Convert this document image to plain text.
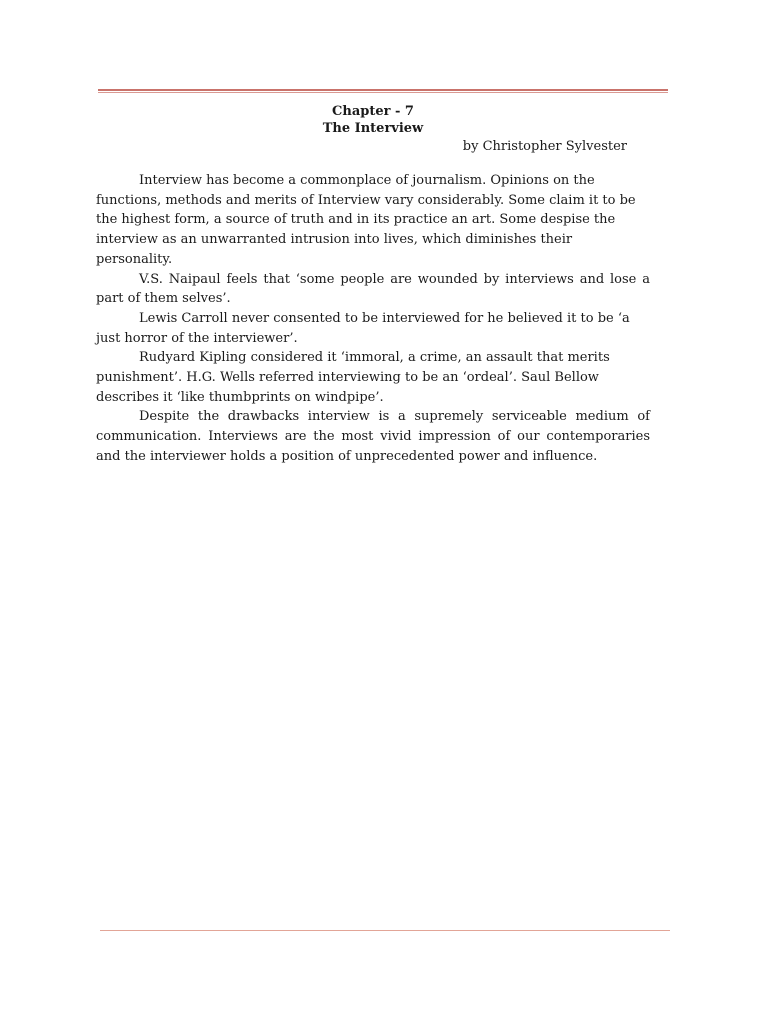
Chapter - 7
The Interview
by Christopher Sylvester

Interview has become a commonplace of journalism. Opinions on the functions, methods and merits of Interview vary considerably. Some claim it to be the highest form, a source of truth and in its practice an art. Some despise the interview as an unwarranted intrusion into lives, which diminishes their personality.

V.S. Naipaul feels that ‘some people are wounded by interviews and lose a part of them selves’.

Lewis Carroll never consented to be interviewed for he believed it to be ‘a just horror of the interviewer’.

Rudyard Kipling considered it ‘immoral, a crime, an assault that merits punishment’. H.G. Wells referred interviewing to be an ‘ordeal’. Saul Bellow describes it ‘like thumbprints on windpipe’.

Despite the drawbacks interview is a supremely serviceable medium of communication. Interviews are the most vivid impression of our contemporaries and the interviewer holds a position of unprecedented power and influence.
